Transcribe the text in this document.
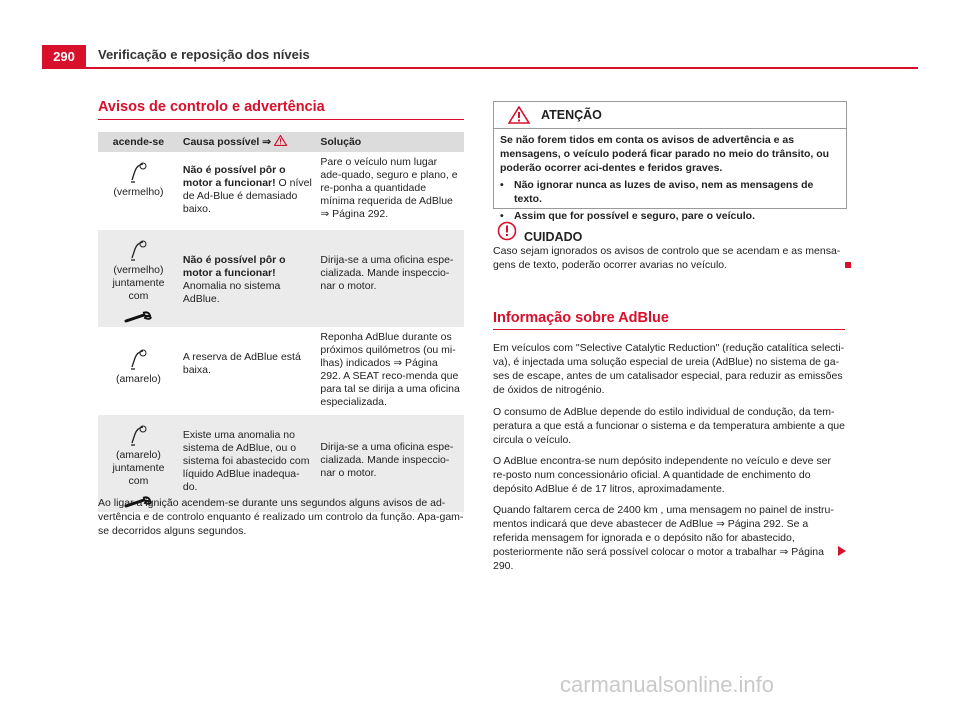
290	Verificação e reposição dos níveis
Avisos de controlo e advertência
acende-se	Causa possível ⇒	Solução

(vermelho)	Não é possível pôr o motor a funcionar! O nível de Ad-Blue é demasiado baixo.	Pare o veículo num lugar ade-quado, seguro e plano, e re-ponha a quantidade mínima requerida de AdBlue ⇒ Página 292.

(vermelho) juntamente com	Não é possível pôr o motor a funcionar! Anomalia no sistema AdBlue.	Dirija-se a uma oficina espe-cializada. Mande inspeccio-nar o motor.

(amarelo)	A reserva de AdBlue está baixa.	Reponha AdBlue durante os próximos quilómetros (ou mi-lhas) indicados ⇒ Página 292. A SEAT reco-menda que para tal se dirija a uma oficina especializada.

(amarelo) juntamente com	Existe uma anomalia no sistema de AdBlue, ou o sistema foi abastecido com líquido AdBlue inadequa-do.	Dirija-se a uma oficina espe-cializada. Mande inspeccio-nar o motor.
Ao ligar a ignição acendem-se durante uns segundos alguns avisos de ad-vertência e de controlo enquanto é realizado um controlo da função. Apa-gam-se decorridos alguns segundos.
ATENÇÃO
Se não forem tidos em conta os avisos de advertência e as mensagens, o veículo poderá ficar parado no meio do trânsito, ou poderão ocorrer aci-dentes e feridos graves.
• Não ignorar nunca as luzes de aviso, nem as mensagens de texto.
• Assim que for possível e seguro, pare o veículo.
CUIDADO
Caso sejam ignorados os avisos de controlo que se acendam e as mensa-gens de texto, poderão ocorrer avarias no veículo.
Informação sobre AdBlue
Em veículos com "Selective Catalytic Reduction" (redução catalítica selecti-va), é injectada uma solução especial de ureia (AdBlue) no sistema de ga-ses de escape, antes de um catalisador especial, para reduzir as emissões de óxidos de nitrogénio.
O consumo de AdBlue depende do estilo individual de condução, da tem-peratura a que está a funcionar o sistema e da temperatura ambiente a que circula o veículo.
O AdBlue encontra-se num depósito independente no veículo e deve ser re-posto num concessionário oficial. A quantidade de enchimento do depósito AdBlue é de 17 litros, aproximadamente.
Quando faltarem cerca de 2400 km , uma mensagem no painel de instru-mentos indicará que deve abastecer de AdBlue ⇒ Página 292. Se a referida mensagem for ignorada e o depósito não for abastecido, posteriormente não será possível colocar o motor a trabalhar ⇒ Página 290.
carmanualsonline.info
